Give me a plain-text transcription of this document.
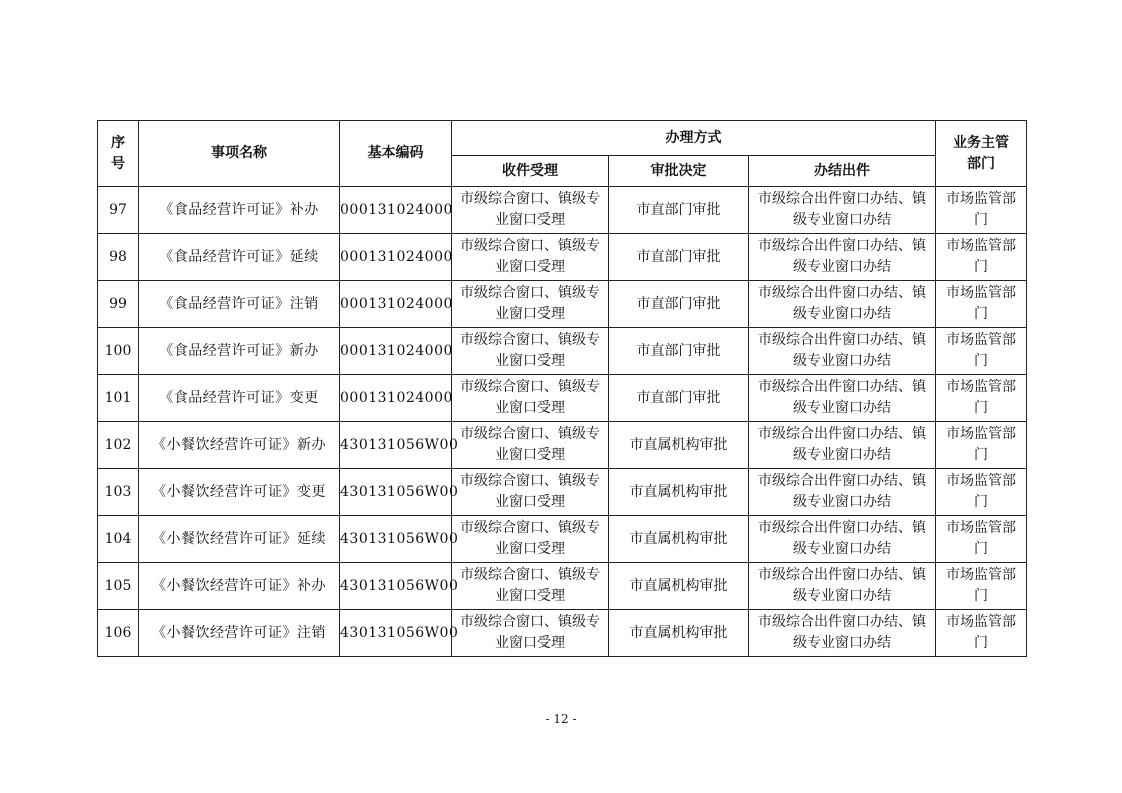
序
号	事项名称	基本编码	办理方式			业务主管
部门
			收件受理	审批决定	办结出件	
97	《食品经营许可证》补办	000131024000	市级综合窗口、镇级专业窗口受理	市直部门审批	市级综合出件窗口办结、镇级专业窗口办结	市场监管部门
98	《食品经营许可证》延续	000131024000	市级综合窗口、镇级专业窗口受理	市直部门审批	市级综合出件窗口办结、镇级专业窗口办结	市场监管部门
99	《食品经营许可证》注销	000131024000	市级综合窗口、镇级专业窗口受理	市直部门审批	市级综合出件窗口办结、镇级专业窗口办结	市场监管部门
100	《食品经营许可证》新办	000131024000	市级综合窗口、镇级专业窗口受理	市直部门审批	市级综合出件窗口办结、镇级专业窗口办结	市场监管部门
101	《食品经营许可证》变更	000131024000	市级综合窗口、镇级专业窗口受理	市直部门审批	市级综合出件窗口办结、镇级专业窗口办结	市场监管部门
102	《小餐饮经营许可证》新办	430131056W00	市级综合窗口、镇级专业窗口受理	市直属机构审批	市级综合出件窗口办结、镇级专业窗口办结	市场监管部门
103	《小餐饮经营许可证》变更	430131056W00	市级综合窗口、镇级专业窗口受理	市直属机构审批	市级综合出件窗口办结、镇级专业窗口办结	市场监管部门
104	《小餐饮经营许可证》延续	430131056W00	市级综合窗口、镇级专业窗口受理	市直属机构审批	市级综合出件窗口办结、镇级专业窗口办结	市场监管部门
105	《小餐饮经营许可证》补办	430131056W00	市级综合窗口、镇级专业窗口受理	市直属机构审批	市级综合出件窗口办结、镇级专业窗口办结	市场监管部门
106	《小餐饮经营许可证》注销	430131056W00	市级综合窗口、镇级专业窗口受理	市直属机构审批	市级综合出件窗口办结、镇级专业窗口办结	市场监管部门
- 12 -
